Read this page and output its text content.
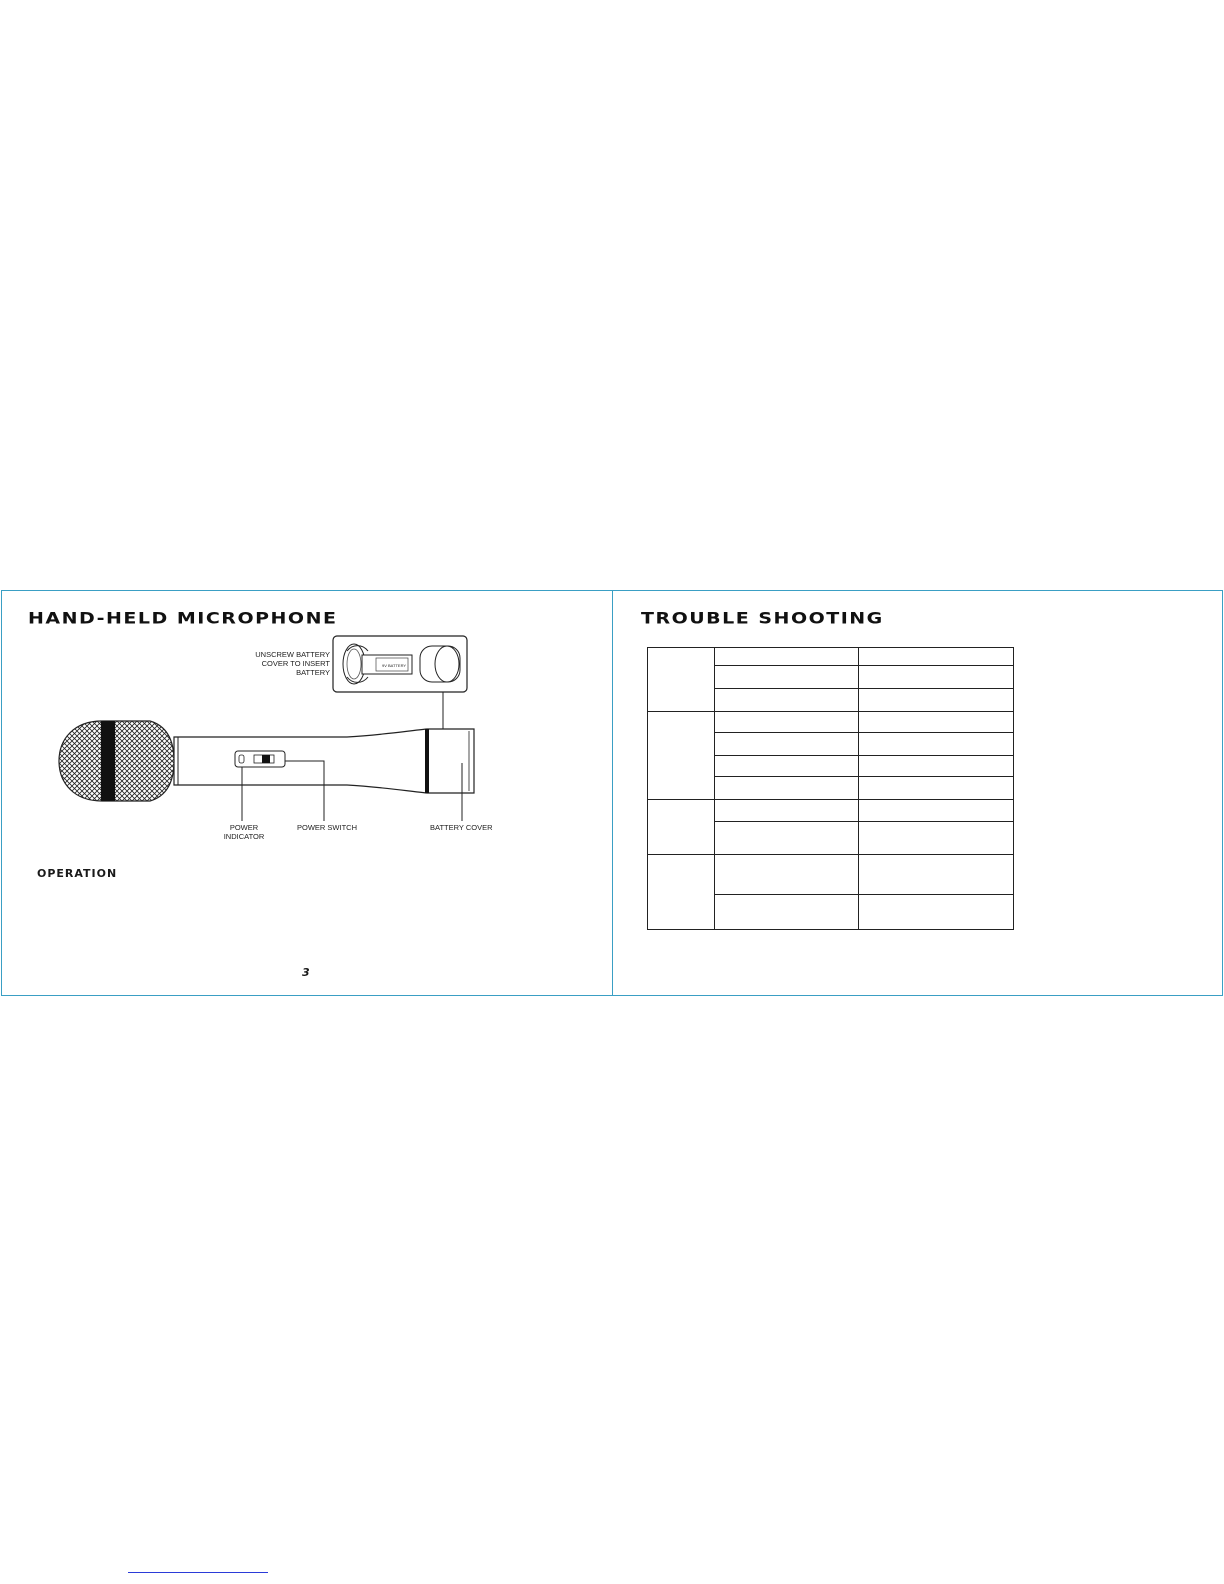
HAND-HELD MICROPHONE
9V BATTERY
UNSCREW BATTERY
COVER TO INSERT
BATTERY
POWER
INDICATOR
POWER SWITCH	BATTERY COVER
OPERATION
3
TROUBLE SHOOTING
